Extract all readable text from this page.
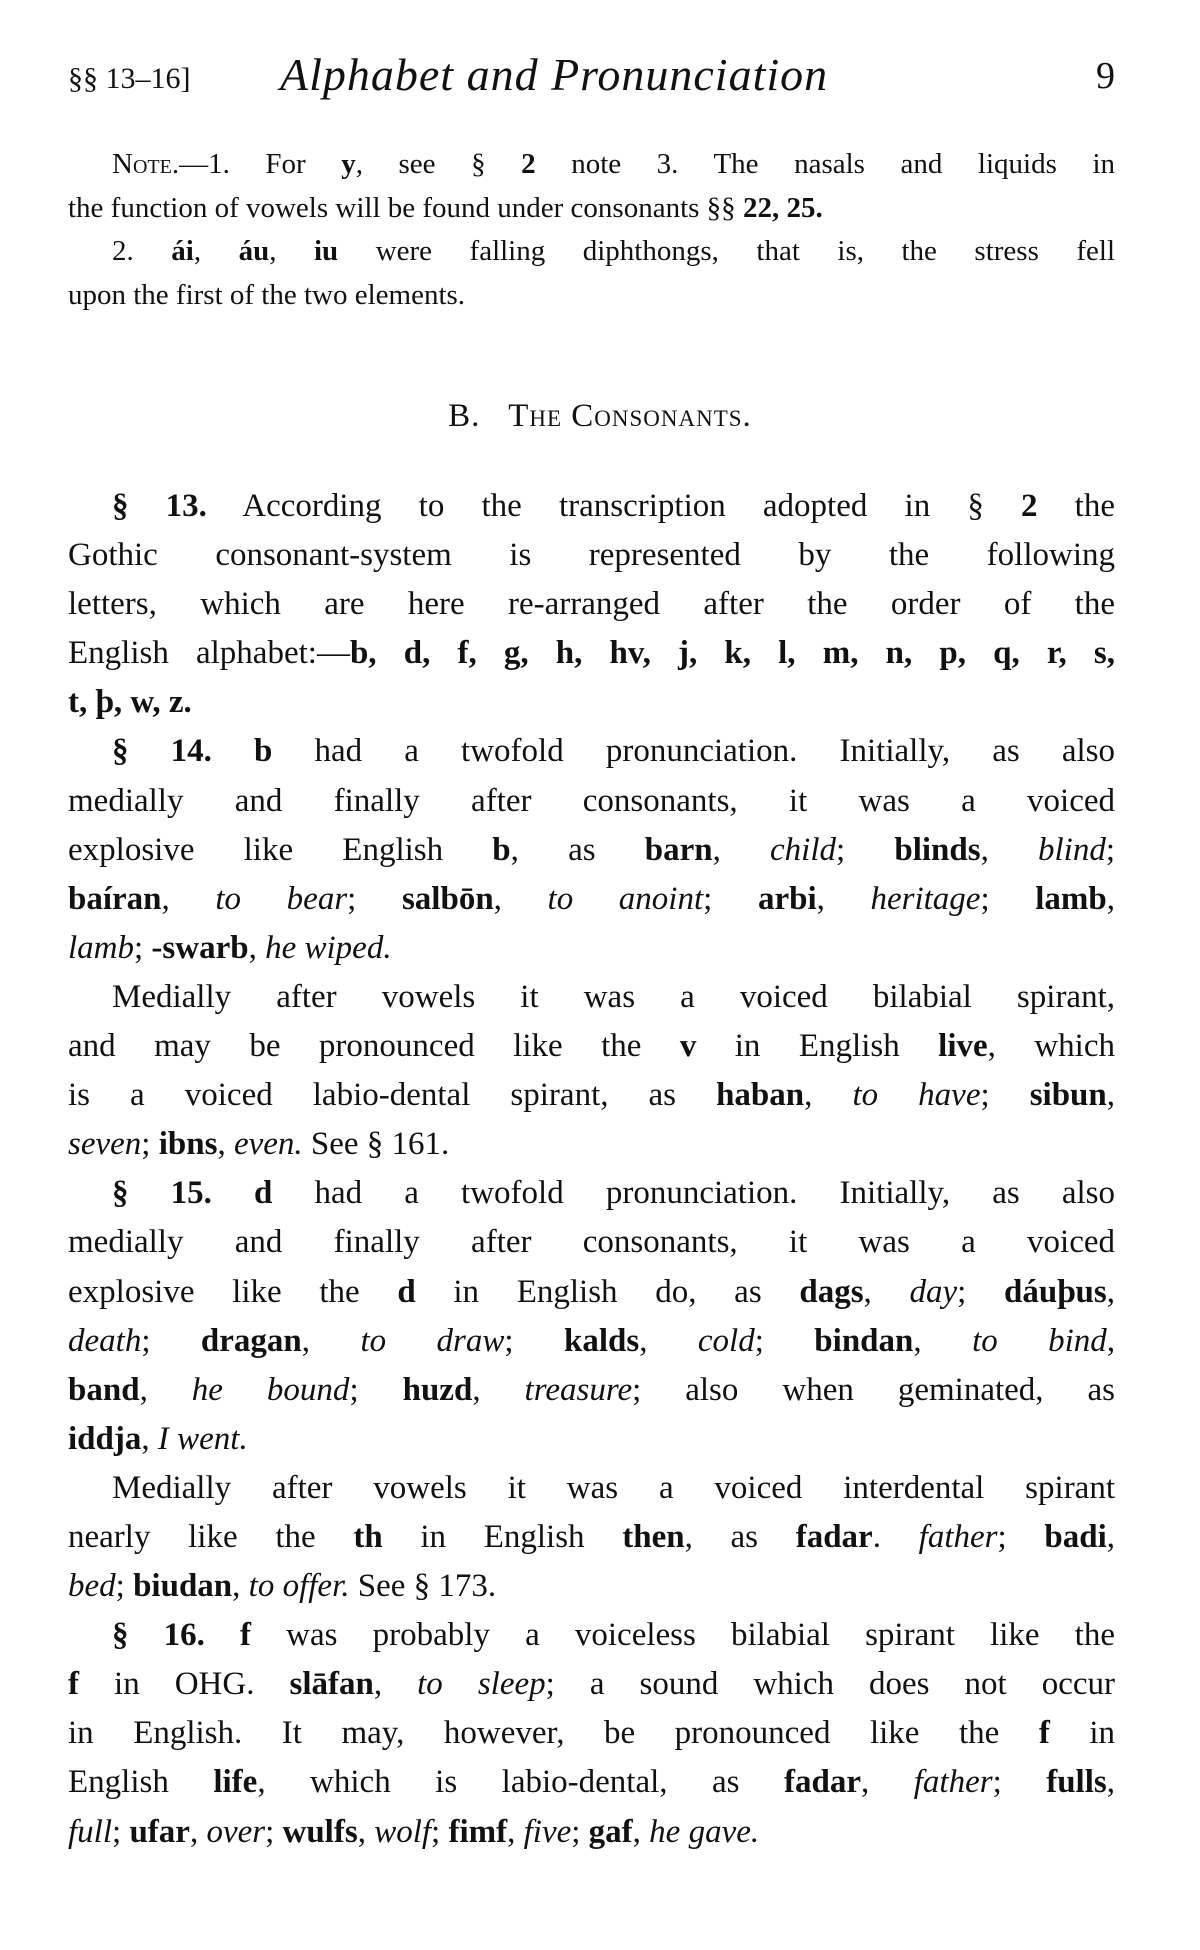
§§ 13–16] Alphabet and Pronunciation	9
Note.—1. For y, see § 2 note 3. The nasals and liquids in
the function of vowels will be found under consonants §§ 22, 25.
2. ái, áu, iu were falling diphthongs, that is, the stress fell
upon the first of the two elements.
B. The Consonants.
§ 13. According to the transcription adopted in § 2 the
Gothic consonant-system is represented by the following
letters, which are here re-arranged after the order of the
English alphabet:—b, d, f, g, h, hv, j, k, l, m, n, p, q, r, s,
t, þ, w, z.
§ 14. b had a twofold pronunciation. Initially, as also
medially and finally after consonants, it was a voiced
explosive like English b, as barn, child; blinds, blind;
baíran, to bear; salbōn, to anoint; arbi, heritage; lamb,
lamb; -swarb, he wiped.
Medially after vowels it was a voiced bilabial spirant,
and may be pronounced like the v in English live, which
is a voiced labio-dental spirant, as haban, to have; sibun,
seven; ibns, even. See § 161.
§ 15. d had a twofold pronunciation. Initially, as also
medially and finally after consonants, it was a voiced
explosive like the d in English do, as dags, day; dáuþus,
death; dragan, to draw; kalds, cold; bindan, to bind,
band, he bound; huzd, treasure; also when geminated, as
iddja, I went.
Medially after vowels it was a voiced interdental spirant
nearly like the th in English then, as fadar. father; badi,
bed; biudan, to offer. See § 173.
§ 16. f was probably a voiceless bilabial spirant like the
f in OHG. slāfan, to sleep; a sound which does not occur
in English. It may, however, be pronounced like the f in
English life, which is labio-dental, as fadar, father; fulls,
full; ufar, over; wulfs, wolf; fimf, five; gaf, he gave.
